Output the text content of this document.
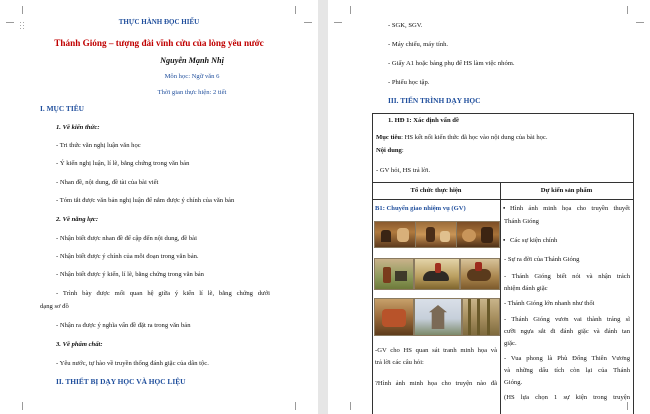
THỰC HÀNH ĐỌC HIỂU
Thánh Gióng – tượng đài vĩnh cửu của lòng yêu nước
Nguyễn Mạnh Nhị
Môn học: Ngữ văn 6
Thời gian thực hiện: 2 tiết
I. MỤC TIÊU
1. Về kiến thức:
- Tri thức văn nghị luận văn học
- Ý kiến nghị luận, lí lẽ, bằng chứng trong văn bản
- Nhan đề, nội dung, đề tài của bài viết
- Tóm tắt được văn bản nghị luận để nắm được ý chính của văn bản
2. Về năng lực:
- Nhận biết được nhan đề để cập đến nội dung, đề bài
- Nhận biết được ý chính của mỗi đoạn trong văn bản.
- Nhận biết được ý kiến, lí lẽ, bằng chứng trong văn bản
- Trình bày được mối quan hệ giữa ý kiến lí lẽ, bằng chứng dưới
dạng sơ đồ
- Nhận ra được ý nghĩa vấn đề đặt ra trong văn bản
3. Về phẩm chất:
- Yêu nước, tự hào về truyền thống đánh giặc của dân tộc.
II. THIẾT BỊ DẠY HỌC VÀ HỌC LIỆU
- SGK, SGV.
- Máy chiếu, máy tính.
- Giấy A1 hoặc bảng phụ để HS làm việc nhóm.
- Phiếu học tập.
III. TIẾN TRÌNH DẠY HỌC
1. HĐ 1: Xác định vấn đề
Mục tiêu: HS kết nối kiến thức đã học vào nội dung của bài học.
Nội dung:
- GV hỏi, HS trả lời.
Tổ chức thực hiện	Dự kiến sản phẩm
B1: Chuyển giao nhiệm vụ (GV)
-GV cho HS quan sát tranh minh họa và
trả lời các câu hỏi:
?Hình ảnh minh họa cho truyện nào đã
• Hình ảnh minh họa cho truyền thuyết
Thánh Gióng
• Các sự kiện chính
- Sự ra đời của Thánh Gióng
- Thánh Gióng biết nói và nhận trách
nhiệm đánh giặc
- Thánh Gióng lớn nhanh như thổi
- Thánh Gióng vươn vai thành tráng sĩ
cưỡi ngựa sắt đi đánh giặc và đánh tan
giặc.
- Vua phong là Phù Đổng Thiên Vương
và những dấu tích còn lại của Thánh
Gióng.
(HS lựa chọn 1 sự kiện trong truyện
